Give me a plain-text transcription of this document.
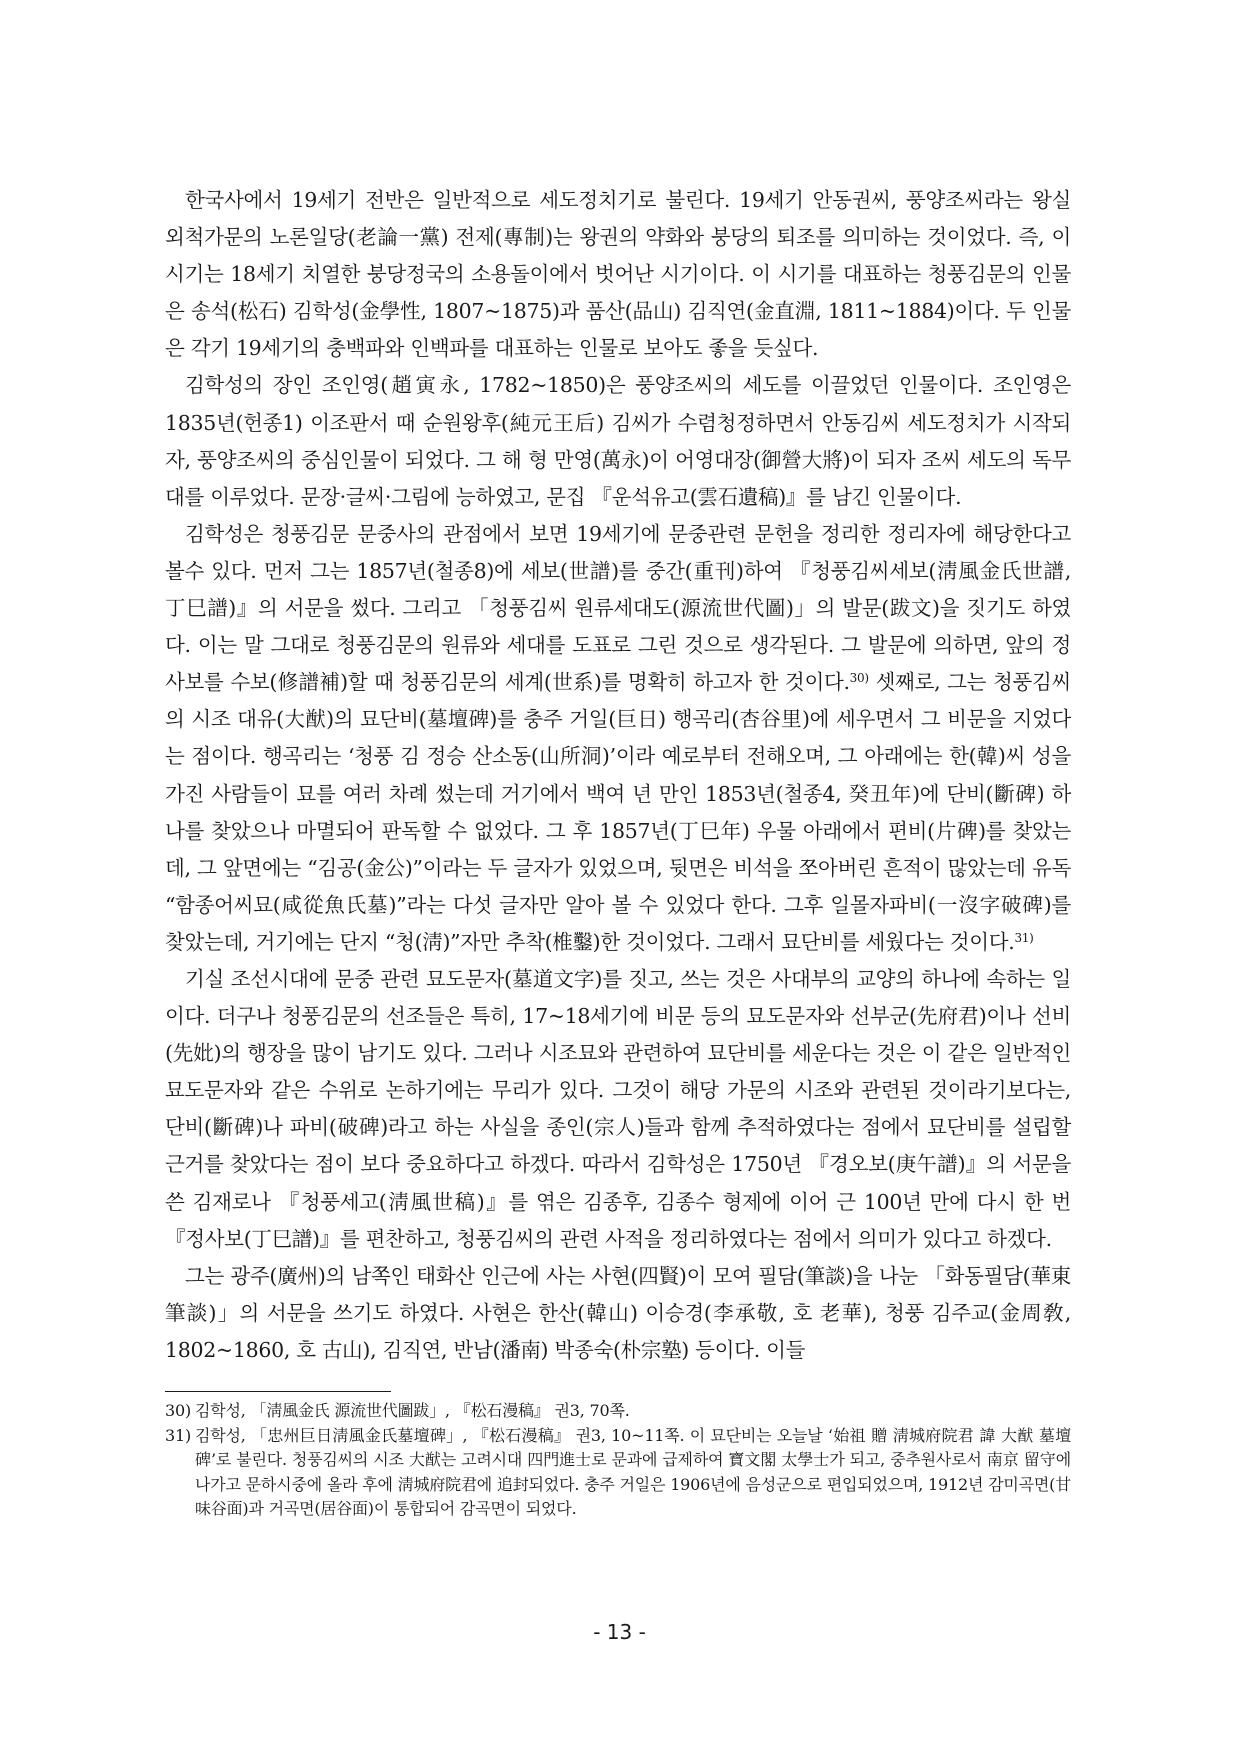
한국사에서 19세기 전반은 일반적으로 세도정치기로 불린다. 19세기 안동권씨, 풍양조씨라는 왕실 외척가문의 노론일당(老論一黨) 전제(專制)는 왕권의 약화와 붕당의 퇴조를 의미하는 것이었다. 즉, 이 시기는 18세기 치열한 붕당정국의 소용돌이에서 벗어난 시기이다. 이 시기를 대표하는 청풍김문의 인물은 송석(松石) 김학성(金學性, 1807~1875)과 품산(品山) 김직연(金直淵, 1811~1884)이다. 두 인물은 각기 19세기의 충백파와 인백파를 대표하는 인물로 보아도 좋을 듯싶다.

김학성의 장인 조인영(趙寅永, 1782~1850)은 풍양조씨의 세도를 이끌었던 인물이다. 조인영은 1835년(헌종1) 이조판서 때 순원왕후(純元王后) 김씨가 수렴청정하면서 안동김씨 세도정치가 시작되자, 풍양조씨의 중심인물이 되었다. 그 해 형 만영(萬永)이 어영대장(御營大將)이 되자 조씨 세도의 독무대를 이루었다. 문장·글씨·그림에 능하였고, 문집 『운석유고(雲石遺稿)』를 남긴 인물이다.

김학성은 청풍김문 문중사의 관점에서 보면 19세기에 문중관련 문헌을 정리한 정리자에 해당한다고 볼수 있다. 먼저 그는 1857년(철종8)에 세보(世譜)를 중간(重刊)하여 『청풍김씨세보(淸風金氏世譜, 丁巳譜)』의 서문을 썼다. 그리고 「청풍김씨 원류세대도(源流世代圖)」의 발문(跋文)을 짓기도 하였다. 이는 말 그대로 청풍김문의 원류와 세대를 도표로 그린 것으로 생각된다. 그 발문에 의하면, 앞의 정사보를 수보(修譜補)할 때 청풍김문의 세계(世系)를 명확히 하고자 한 것이다.$^{30)}$ 셋째로, 그는 청풍김씨의 시조 대유(大猷)의 묘단비(墓壇碑)를 충주 거일(巨日) 행곡리(杏谷里)에 세우면서 그 비문을 지었다는 점이다. 행곡리는 ‘청풍 김 정승 산소동(山所洞)’이라 예로부터 전해오며, 그 아래에는 한(韓)씨 성을 가진 사람들이 묘를 여러 차례 썼는데 거기에서 백여 년 만인 1853년(철종4, 癸丑年)에 단비(斷碑) 하나를 찾았으나 마멸되어 판독할 수 없었다. 그 후 1857년(丁巳年) 우물 아래에서 편비(片碑)를 찾았는데, 그 앞면에는 “김공(金公)”이라는 두 글자가 있었으며, 뒷면은 비석을 쪼아버린 흔적이 많았는데 유독 “함종어씨묘(咸從魚氏墓)”라는 다섯 글자만 알아 볼 수 있었다 한다. 그후 일몰자파비(一沒字破碑)를 찾았는데, 거기에는 단지 “청(淸)”자만 추착(椎鑿)한 것이었다. 그래서 묘단비를 세웠다는 것이다.$^{31)}$

기실 조선시대에 문중 관련 묘도문자(墓道文字)를 짓고, 쓰는 것은 사대부의 교양의 하나에 속하는 일이다. 더구나 청풍김문의 선조들은 특히, 17~18세기에 비문 등의 묘도문자와 선부군(先府君)이나 선비(先妣)의 행장을 많이 남기도 있다. 그러나 시조묘와 관련하여 묘단비를 세운다는 것은 이 같은 일반적인 묘도문자와 같은 수위로 논하기에는 무리가 있다. 그것이 해당 가문의 시조와 관련된 것이라기보다는, 단비(斷碑)나 파비(破碑)라고 하는 사실을 종인(宗人)들과 함께 추적하였다는 점에서 묘단비를 설립할 근거를 찾았다는 점이 보다 중요하다고 하겠다. 따라서 김학성은 1750년 『경오보(庚午譜)』의 서문을 쓴 김재로나 『청풍세고(淸風世稿)』를 엮은 김종후, 김종수 형제에 이어 근 100년 만에 다시 한 번 『정사보(丁巳譜)』를 편찬하고, 청풍김씨의 관련 사적을 정리하였다는 점에서 의미가 있다고 하겠다.

그는 광주(廣州)의 남쪽인 태화산 인근에 사는 사현(四賢)이 모여 필담(筆談)을 나눈 「화동필담(華東筆談)」의 서문을 쓰기도 하였다. 사현은 한산(韓山) 이승경(李承敬, 호 老華), 청풍 김주교(金周敎, 1802~1860, 호 古山), 김직연, 반남(潘南) 박종숙(朴宗塾) 등이다. 이들

30) 김학성, 「淸風金氏 源流世代圖跋」, 『松石漫稿』 권3, 70쪽.
31) 김학성, 「忠州巨日淸風金氏墓壇碑」, 『松石漫稿』 권3, 10~11쪽. 이 묘단비는 오늘날 ‘始祖 贈 淸城府院君 諱 大猷 墓壇碑’로 불린다. 청풍김씨의 시조 大猷는 고려시대 四門進士로 문과에 급제하여 寶文閣 太學士가 되고, 중추원사로서 南京 留守에 나가고 문하시중에 올라 후에 淸城府院君에 追封되었다. 충주 거일은 1906년에 음성군으로 편입되었으며, 1912년 감미곡면(甘味谷面)과 거곡면(居谷面)이 통합되어 감곡면이 되었다.
- 13 -
